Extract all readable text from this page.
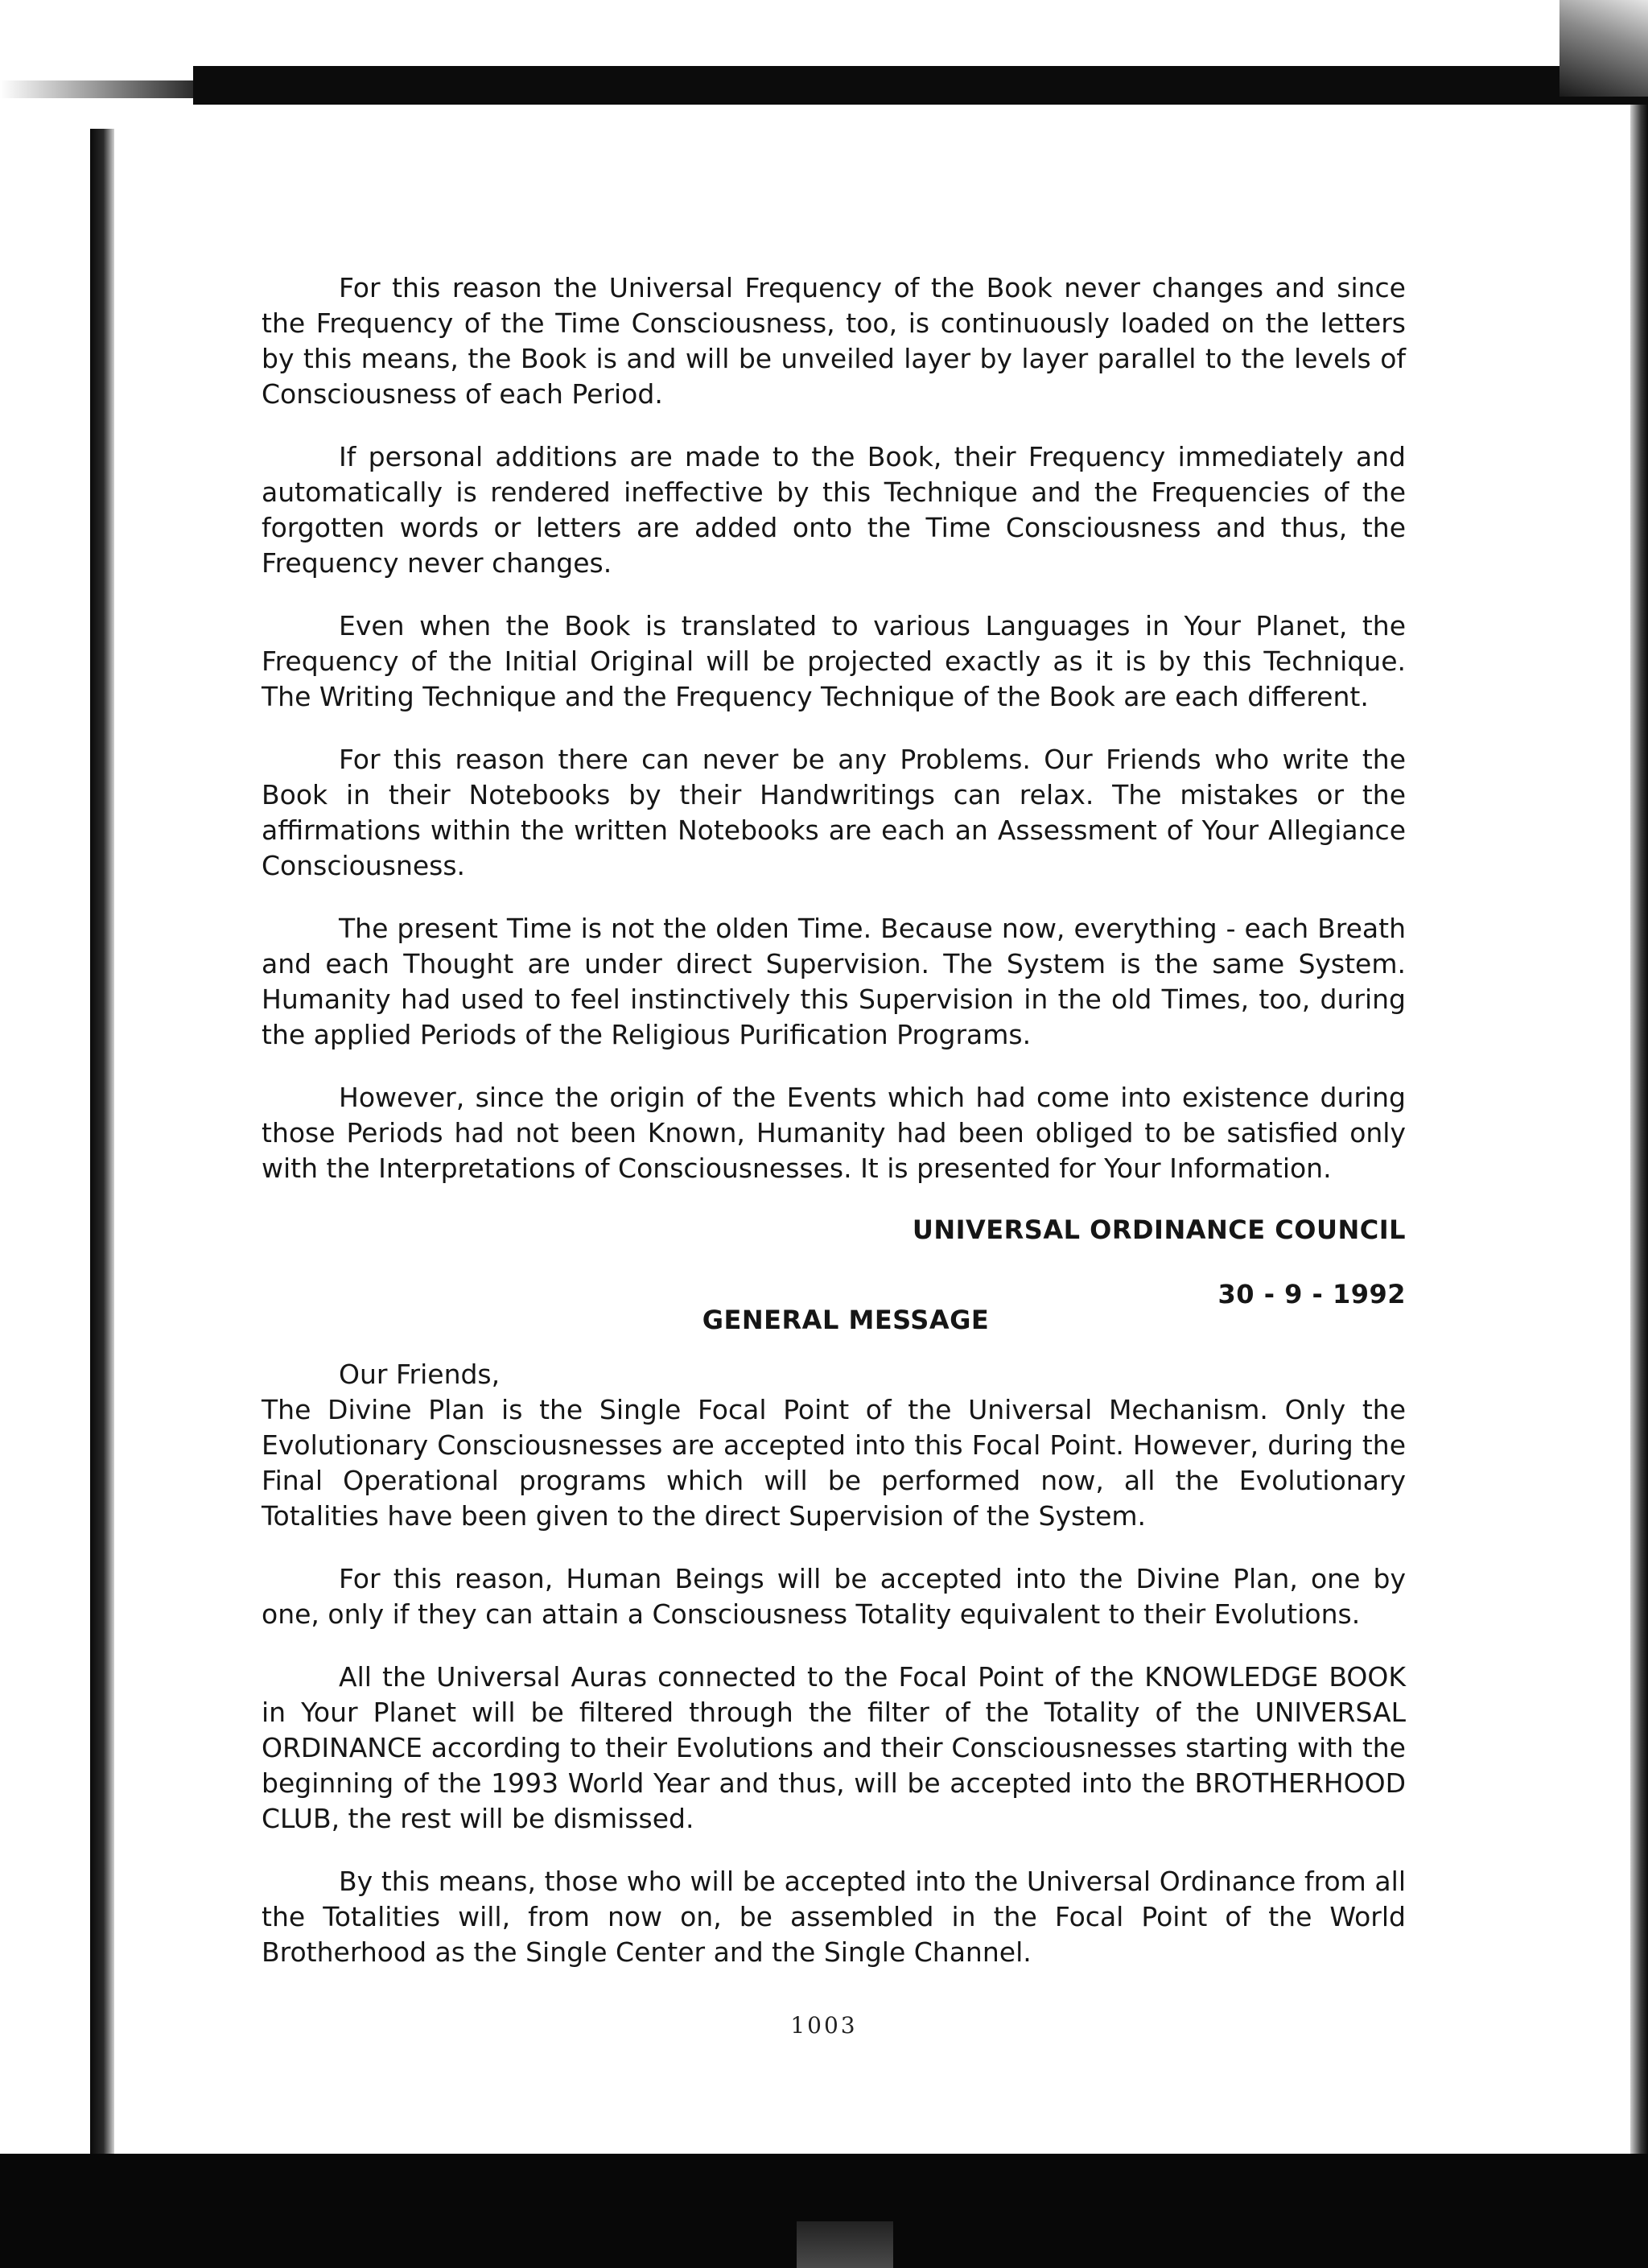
For this reason the Universal Frequency of the Book never changes and since the Frequency of the Time Consciousness, too, is continuously loaded on the letters by this means, the Book is and will be unveiled layer by layer parallel to the levels of Consciousness of each Period.

If personal additions are made to the Book, their Frequency immediately and automatically is rendered ineffective by this Technique and the Frequencies of the forgotten words or letters are added onto the Time Consciousness and thus, the Frequency never changes.

Even when the Book is translated to various Languages in Your Planet, the Frequency of the Initial Original will be projected exactly as it is by this Technique. The Writing Technique and the Frequency Technique of the Book are each different.

For this reason there can never be any Problems. Our Friends who write the Book in their Notebooks by their Handwritings can relax. The mistakes or the affirmations within the written Notebooks are each an Assessment of Your Allegiance Consciousness.

The present Time is not the olden Time. Because now, everything - each Breath and each Thought are under direct Supervision. The System is the same System. Humanity had used to feel instinctively this Supervision in the old Times, too, during the applied Periods of the Religious Purification Programs.

However, since the origin of the Events which had come into existence during those Periods had not been Known, Humanity had been obliged to be satisfied only with the Interpretations of Consciousnesses. It is presented for Your Information.

UNIVERSAL ORDINANCE COUNCIL
30 - 9 - 1992
GENERAL MESSAGE
Our Friends,

The Divine Plan is the Single Focal Point of the Universal Mechanism. Only the Evolutionary Consciousnesses are accepted into this Focal Point. However, during the Final Operational programs which will be performed now, all the Evolutionary Totalities have been given to the direct Supervision of the System.

For this reason, Human Beings will be accepted into the Divine Plan, one by one, only if they can attain a Consciousness Totality equivalent to their Evolutions.

All the Universal Auras connected to the Focal Point of the KNOWLEDGE BOOK in Your Planet will be filtered through the filter of the Totality of the UNIVERSAL ORDINANCE according to their Evolutions and their Consciousnesses starting with the beginning of the 1993 World Year and thus, will be accepted into the BROTHERHOOD CLUB, the rest will be dismissed.

By this means, those who will be accepted into the Universal Ordinance from all the Totalities will, from now on, be assembled in the Focal Point of the World Brotherhood as the Single Center and the Single Channel.

1003
